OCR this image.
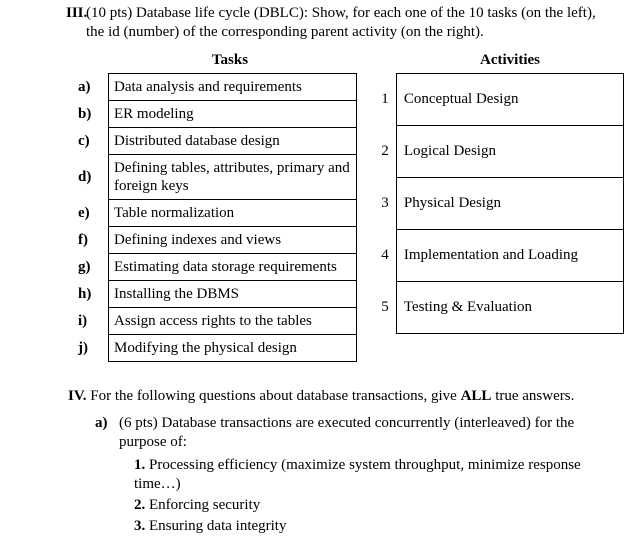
III.
(10 pts) Database life cycle (DBLC): Show, for each one of the 10 tasks (on the left), the id (number) of the corresponding parent activity (on the right).
Tasks	Activities
a)	Data analysis and requirements
b)	ER modeling
c)	Distributed database design
d)	Defining tables, attributes, primary and foreign keys
e)	Table normalization
f)	Defining indexes and views
g)	Estimating data storage requirements
h)	Installing the DBMS
i)	Assign access rights to the tables
j)	Modifying the physical design
1	Conceptual Design
2	Logical Design
3	Physical Design
4	Implementation and Loading
5	Testing & Evaluation
IV. For the following questions about database transactions, give ALL true answers.
a) (6 pts) Database transactions are executed concurrently (interleaved) for the purpose of:
1. Processing efficiency (maximize system throughput, minimize response time…)
2. Enforcing security
3. Ensuring data integrity
